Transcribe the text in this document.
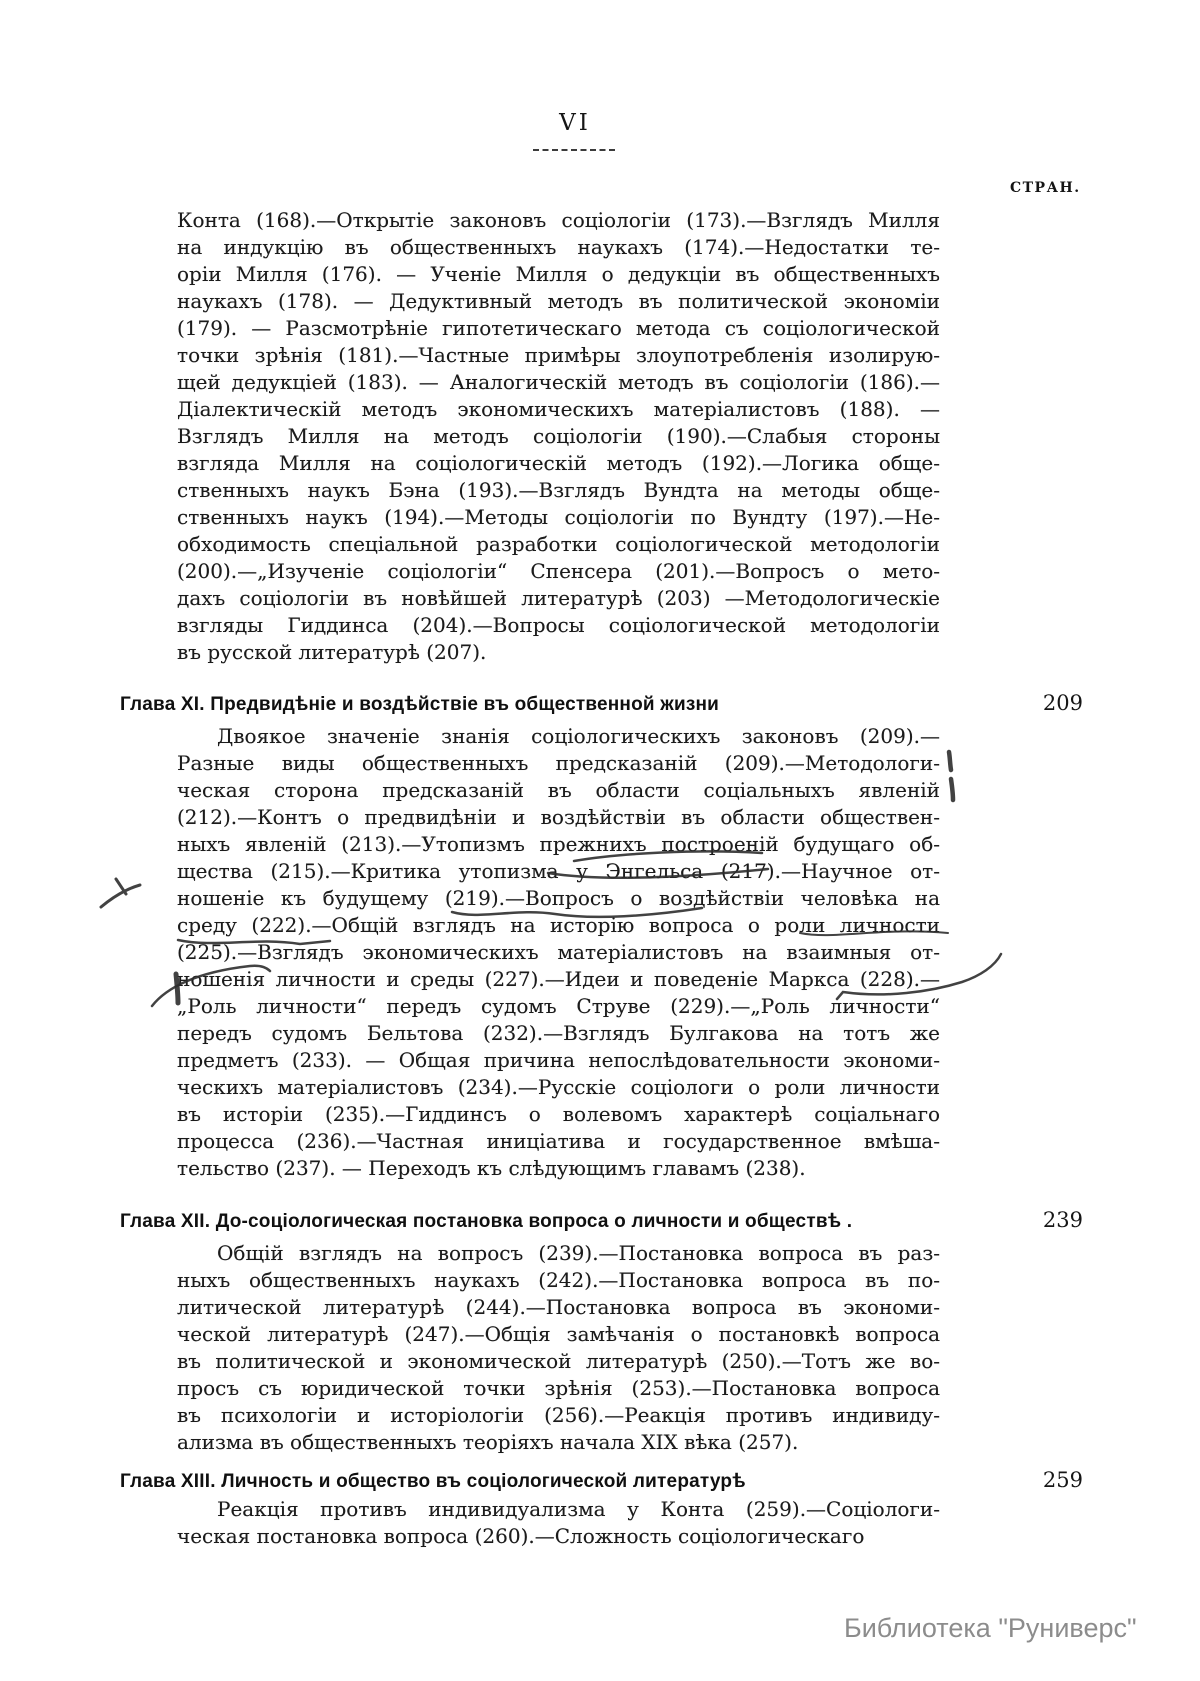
VI
СТРАН.
Конта (168).—Открытіе законовъ соціологіи (173).—Взглядъ Милля
на индукцію въ общественныхъ наукахъ (174).—Недостатки те-
оріи Милля (176). — Ученіе Милля о дедукціи въ общественныхъ
наукахъ (178). — Дедуктивный методъ въ политической экономіи
(179). — Разсмотрѣніе гипотетическаго метода съ соціологической
точки зрѣнія (181).—Частные примѣры злоупотребленія изолирую-
щей дедукціей (183). — Аналогическій методъ въ соціологіи (186).—
Діалектическій методъ экономическихъ матеріалистовъ (188). —
Взглядъ Милля на методъ соціологіи (190).—Слабыя стороны
взгляда Милля на соціологическій методъ (192).—Логика обще-
ственныхъ наукъ Бэна (193).—Взглядъ Вундта на методы обще-
ственныхъ наукъ (194).—Методы соціологіи по Вундту (197).—Не-
обходимость спеціальной разработки соціологической методологіи
(200).—„Изученіе соціологіи“ Спенсера (201).—Вопросъ о мето-
дахъ соціологіи въ новѣйшей литературѣ (203) —Методологическіе
взгляды Гиддинса (204).—Вопросы соціологической методологіи
въ русской литературѣ (207).
Глава XI. Предвидѣніе и воздѣйствіе въ общественной жизни	209
Двоякое значеніе знанія соціологическихъ законовъ (209).—
Разные виды общественныхъ предсказаній (209).—Методологи-
ческая сторона предсказаній въ области соціальныхъ явленій
(212).—Контъ о предвидѣніи и воздѣйствіи въ области обществен-
ныхъ явленій (213).—Утопизмъ прежнихъ построеній будущаго об-
щества (215).—Критика утопизма у Энгельса (217).—Научное от-
ношеніе къ будущему (219).—Вопросъ о воздѣйствіи человѣка на
среду (222).—Общій взглядъ на исторію вопроса о роли личности
(225).—Взглядъ экономическихъ матеріалистовъ на взаимныя от-
ношенія личности и среды (227).—Идеи и поведеніе Маркса (228).—
„Роль личности“ передъ судомъ Струве (229).—„Роль личности“
передъ судомъ Бельтова (232).—Взглядъ Булгакова на тотъ же
предметъ (233). — Общая причина непослѣдовательности экономи-
ческихъ матеріалистовъ (234).—Русскіе соціологи о роли личности
въ исторіи (235).—Гиддинсъ о волевомъ характерѣ соціальнаго
процесса (236).—Частная иниціатива и государственное вмѣша-
тельство (237). — Переходъ къ слѣдующимъ главамъ (238).
Глава XII. До-соціологическая постановка вопроса о личности и обществѣ .	239
Общій взглядъ на вопросъ (239).—Постановка вопроса въ раз-
ныхъ общественныхъ наукахъ (242).—Постановка вопроса въ по-
литической литературѣ (244).—Постановка вопроса въ экономи-
ческой литературѣ (247).—Общія замѣчанія о постановкѣ вопроса
въ политической и экономической литературѣ (250).—Тотъ же во-
просъ съ юридической точки зрѣнія (253).—Постановка вопроса
въ психологіи и исторіологіи (256).—Реакція противъ индивиду-
ализма въ общественныхъ теоріяхъ начала XIX вѣка (257).
Глава XIII. Личность и общество въ соціологической литературѣ	259
Реакція противъ индивидуализма у Конта (259).—Соціологи-
ческая постановка вопроса (260).—Сложность соціологическаго
Библиотека "Руниверс"
